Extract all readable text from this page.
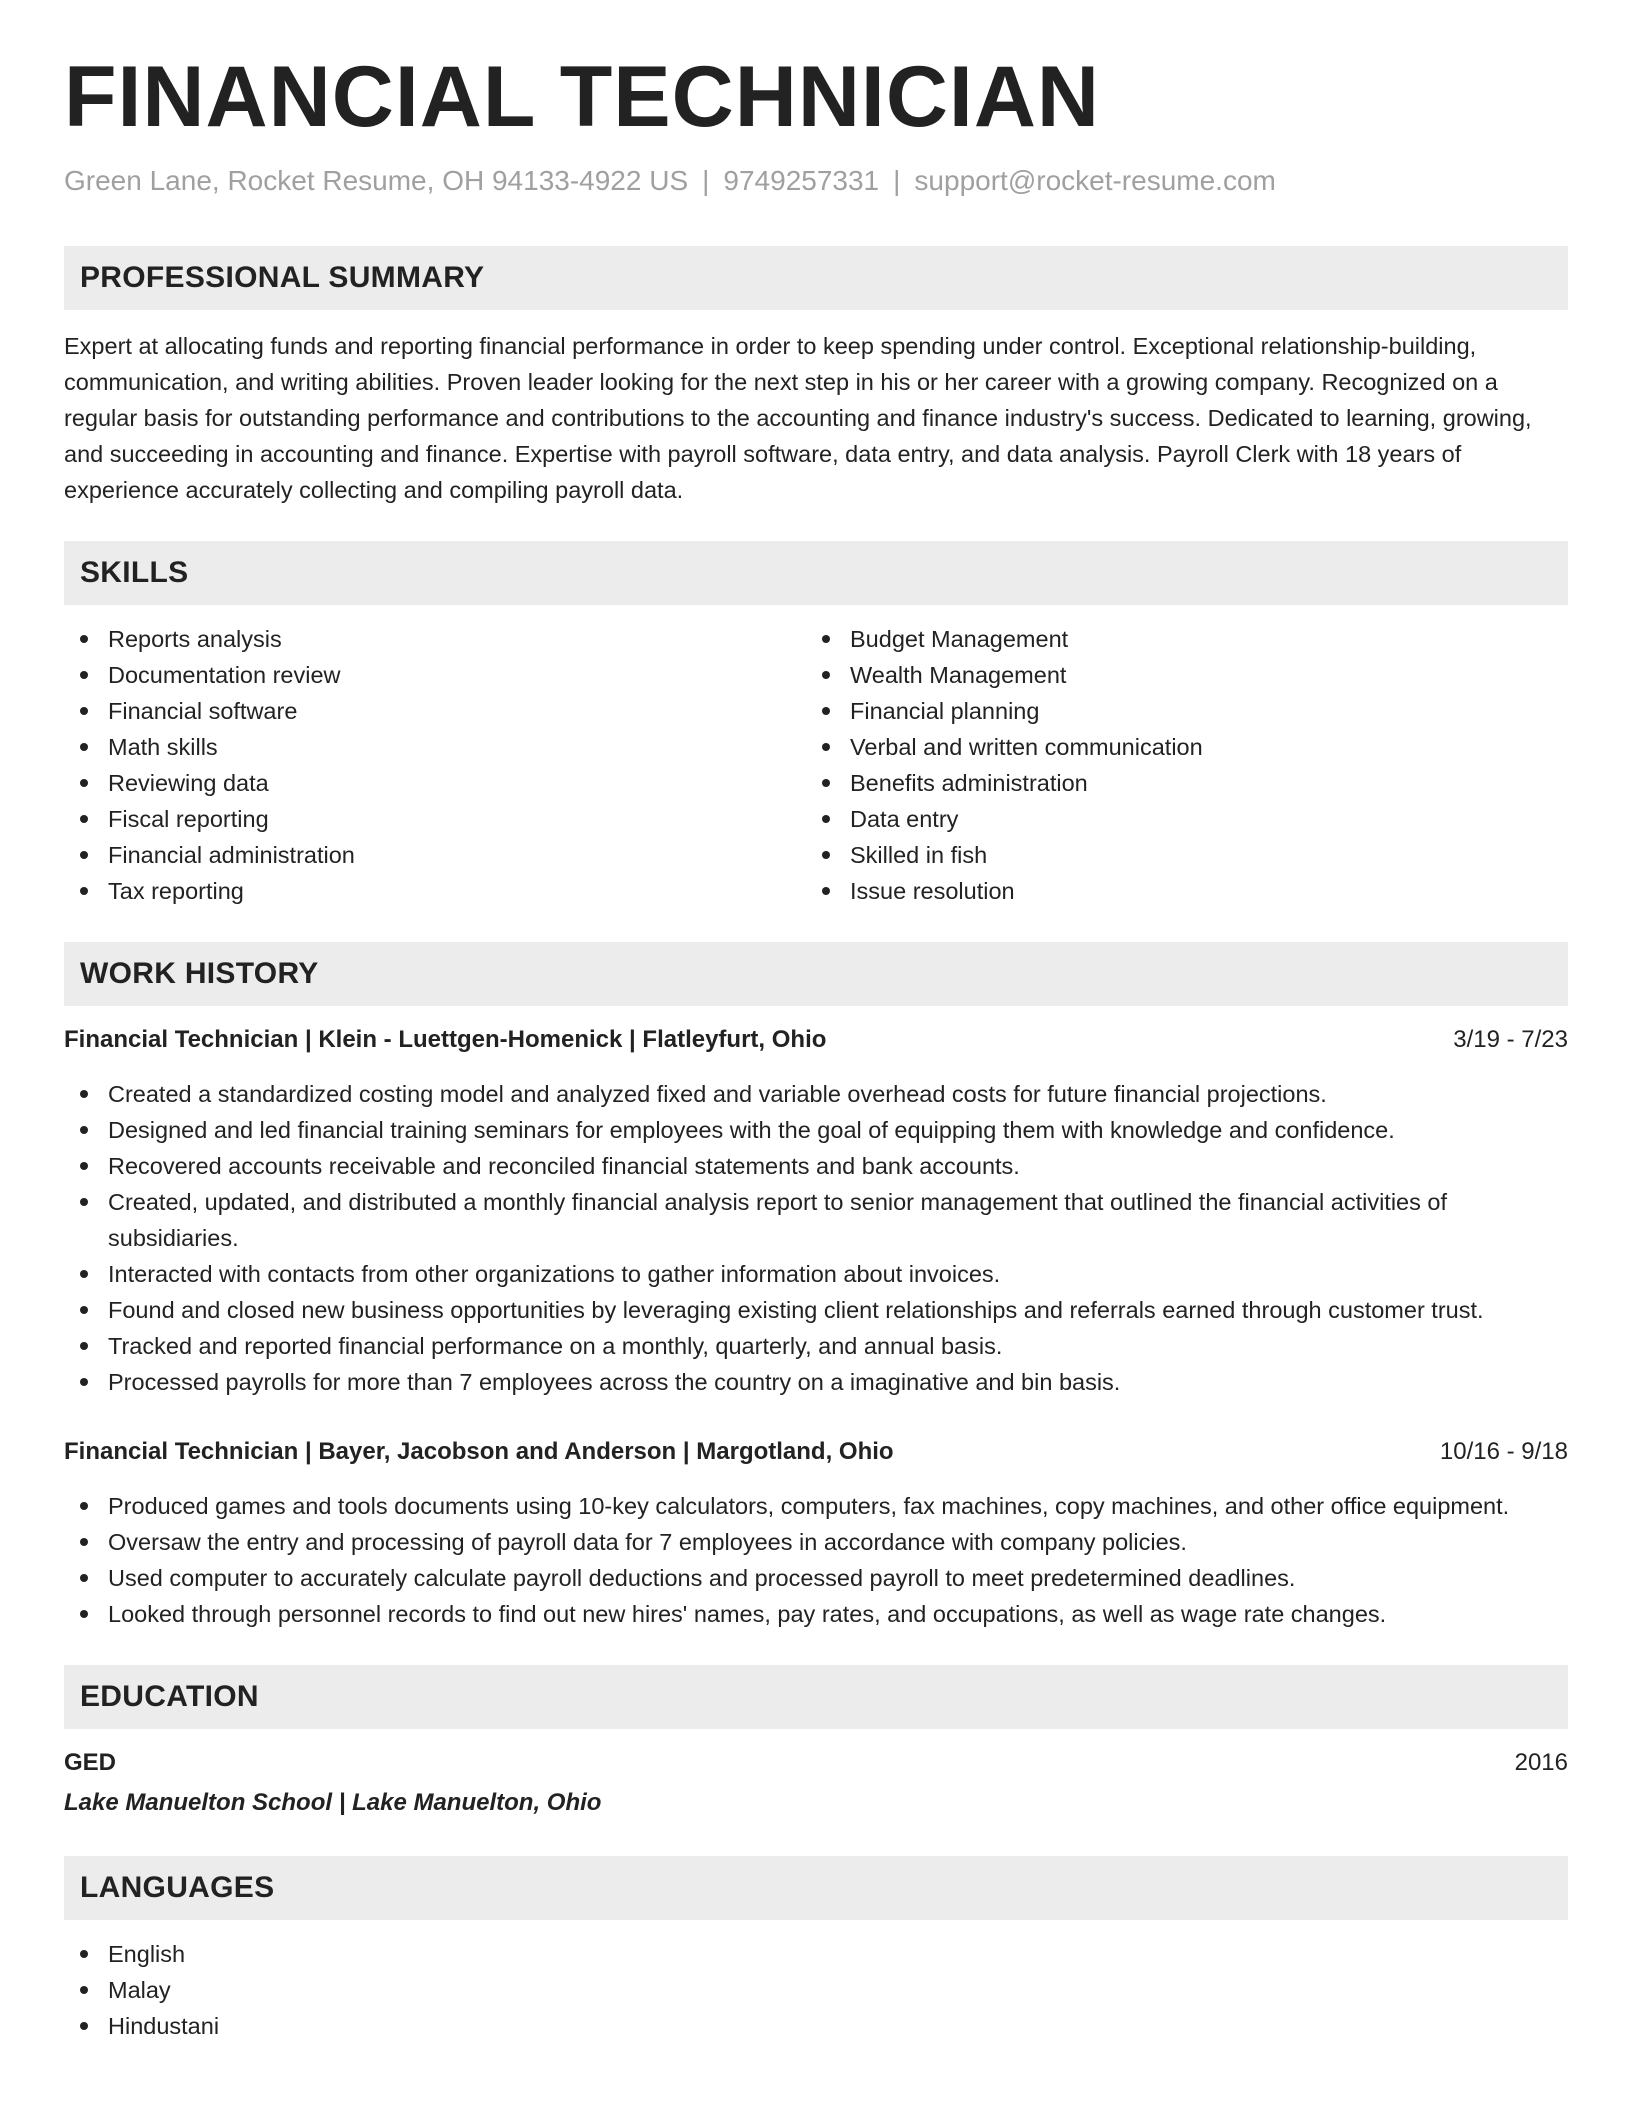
FINANCIAL TECHNICIAN
Green Lane, Rocket Resume, OH 94133-4922 US | 9749257331 | support@rocket-resume.com
PROFESSIONAL SUMMARY

Expert at allocating funds and reporting financial performance in order to keep spending under control. Exceptional relationship-building, communication, and writing abilities. Proven leader looking for the next step in his or her career with a growing company. Recognized on a regular basis for outstanding performance and contributions to the accounting and finance industry's success. Dedicated to learning, growing, and succeeding in accounting and finance. Expertise with payroll software, data entry, and data analysis. Payroll Clerk with 18 years of experience accurately collecting and compiling payroll data.

SKILLS
Reports analysis
Documentation review
Financial software
Math skills
Reviewing data
Fiscal reporting
Financial administration
Tax reporting
Budget Management
Wealth Management
Financial planning
Verbal and written communication
Benefits administration
Data entry
Skilled in fish
Issue resolution
WORK HISTORY
Financial Technician | Klein - Luettgen-Homenick | Flatleyfurt, Ohio	3/19 - 7/23
Created a standardized costing model and analyzed fixed and variable overhead costs for future financial projections.
Designed and led financial training seminars for employees with the goal of equipping them with knowledge and confidence.
Recovered accounts receivable and reconciled financial statements and bank accounts.
Created, updated, and distributed a monthly financial analysis report to senior management that outlined the financial activities of subsidiaries.
Interacted with contacts from other organizations to gather information about invoices.
Found and closed new business opportunities by leveraging existing client relationships and referrals earned through customer trust.
Tracked and reported financial performance on a monthly, quarterly, and annual basis.
Processed payrolls for more than 7 employees across the country on a imaginative and bin basis.
Financial Technician | Bayer, Jacobson and Anderson | Margotland, Ohio	10/16 - 9/18
Produced games and tools documents using 10-key calculators, computers, fax machines, copy machines, and other office equipment.
Oversaw the entry and processing of payroll data for 7 employees in accordance with company policies.
Used computer to accurately calculate payroll deductions and processed payroll to meet predetermined deadlines.
Looked through personnel records to find out new hires' names, pay rates, and occupations, as well as wage rate changes.
EDUCATION
GED	2016
Lake Manuelton School | Lake Manuelton, Ohio
LANGUAGES
English
Malay
Hindustani
